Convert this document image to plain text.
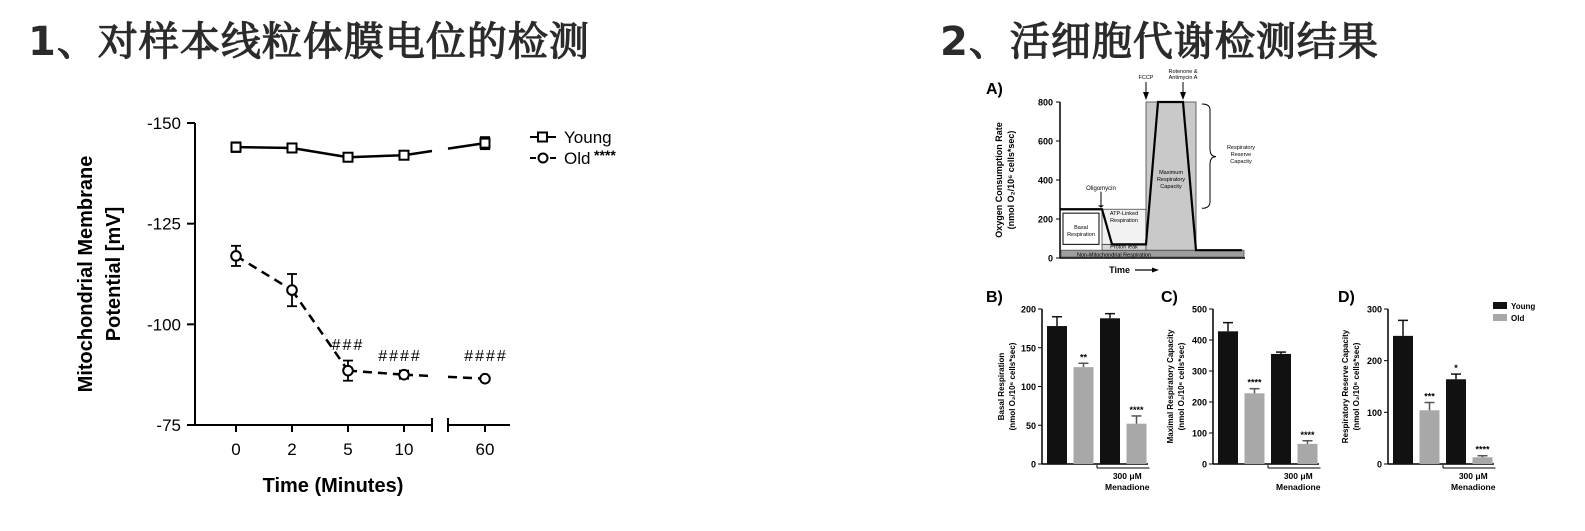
1、对样本线粒体膜电位的检测	2、活细胞代谢检测结果
-150
-125
-100
-75
0	2	5 10	60
Time (Minutes)
Mitochondrial Membrane Potential [mV]
###
####	####
Young
Old ****
A)
0
200
400
600
800
Oxygen Consumption Rate (nmol O₂/10⁶ cells*sec)	Basal
Respiration
ATP-Linked
Respiration
Proton leak
Non-Mitochondrial Respiration
Maximum
Respiratory
Capacity
Oligomycin
FCCP
Rotenone &
Antimycin A
Respiratory
Reserve
Capacity
Time
B)
0
50
100
150
200
Basal Respiration (nmol O₂/10⁶ cells*sec)	**
****
300 μM
Menadione
C)
0
100
200
300
400
500
Maximal Respiratory Capacity (nmol O₂/10⁶ cells*sec)	****
****
300 μM
Menadione
D)
0
100
200
300
Respiratory Reserve Capacity (nmol O₂/10⁶ cells*sec)	***
*
****
300 μM
Menadione
Young
Old
